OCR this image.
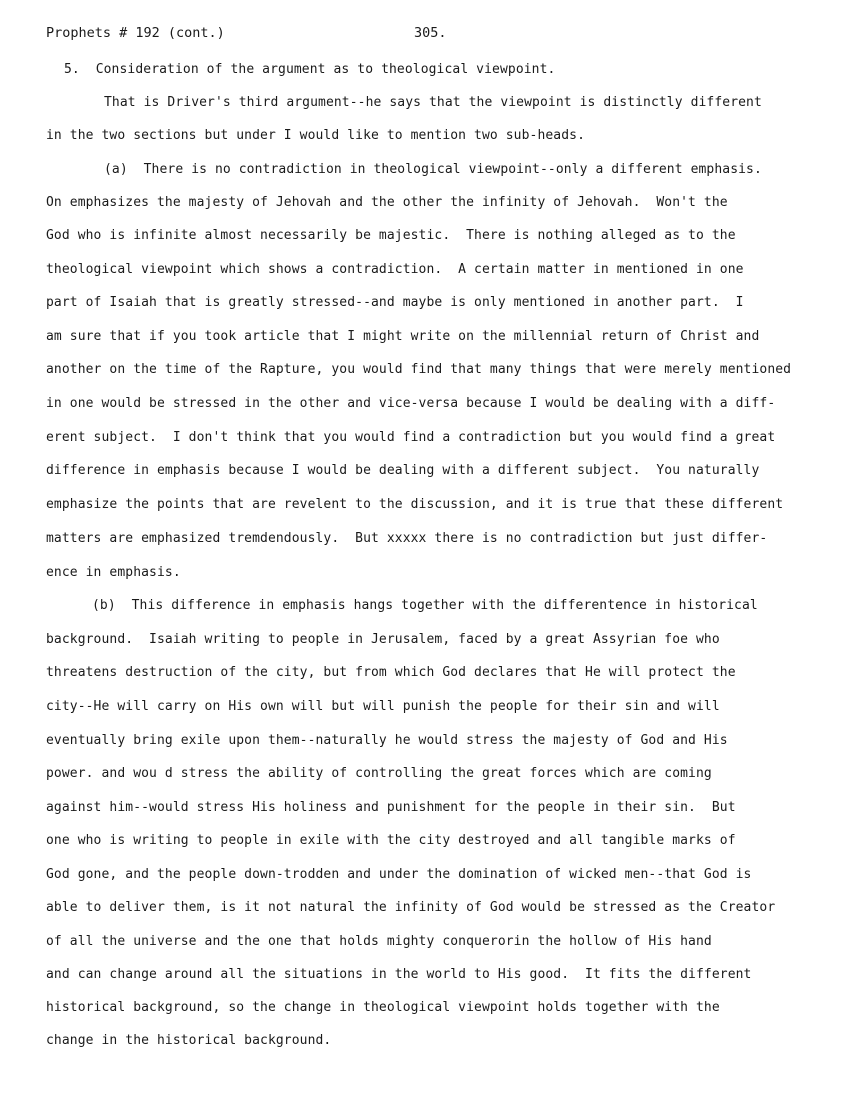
Prophets # 192 (cont.)	305.
5.  Consideration of the argument as to theological viewpoint.
That is Driver's third argument--he says that the viewpoint is distinctly different
in the two sections but under I would like to mention two sub-heads.
(a)  There is no contradiction in theological viewpoint--only a different emphasis.
On emphasizes the majesty of Jehovah and the other the infinity of Jehovah.  Won't the
God who is infinite almost necessarily be majestic.  There is nothing alleged as to the
theological viewpoint which shows a contradiction.  A certain matter in mentioned in one
part of Isaiah that is greatly stressed--and maybe is only mentioned in another part.  I
am sure that if you took article that I might write on the millennial return of Christ and
another on the time of the Rapture, you would find that many things that were merely mentioned
in one would be stressed in the other and vice-versa because I would be dealing with a diff-
erent subject.  I don't think that you would find a contradiction but you would find a great
difference in emphasis because I would be dealing with a different subject.  You naturally
emphasize the points that are revelent to the discussion, and it is true that these different
matters are emphasized tremdendously.  But xxxxx there is no contradiction but just differ-
ence in emphasis.
(b)  This difference in emphasis hangs together with the differentence in historical
background.  Isaiah writing to people in Jerusalem, faced by a great Assyrian foe who
threatens destruction of the city, but from which God declares that He will protect the
city--He will carry on His own will but will punish the people for their sin and will
eventually bring exile upon them--naturally he would stress the majesty of God and His
power. and wou d stress the ability of controlling the great forces which are coming
against him--would stress His holiness and punishment for the people in their sin.  But
one who is writing to people in exile with the city destroyed and all tangible marks of
God gone, and the people down-trodden and under the domination of wicked men--that God is
able to deliver them, is it not natural the infinity of God would be stressed as the Creator
of all the universe and the one that holds mighty conquerorin the hollow of His hand
and can change around all the situations in the world to His good.  It fits the different
historical background, so the change in theological viewpoint holds together with the
change in the historical background.
